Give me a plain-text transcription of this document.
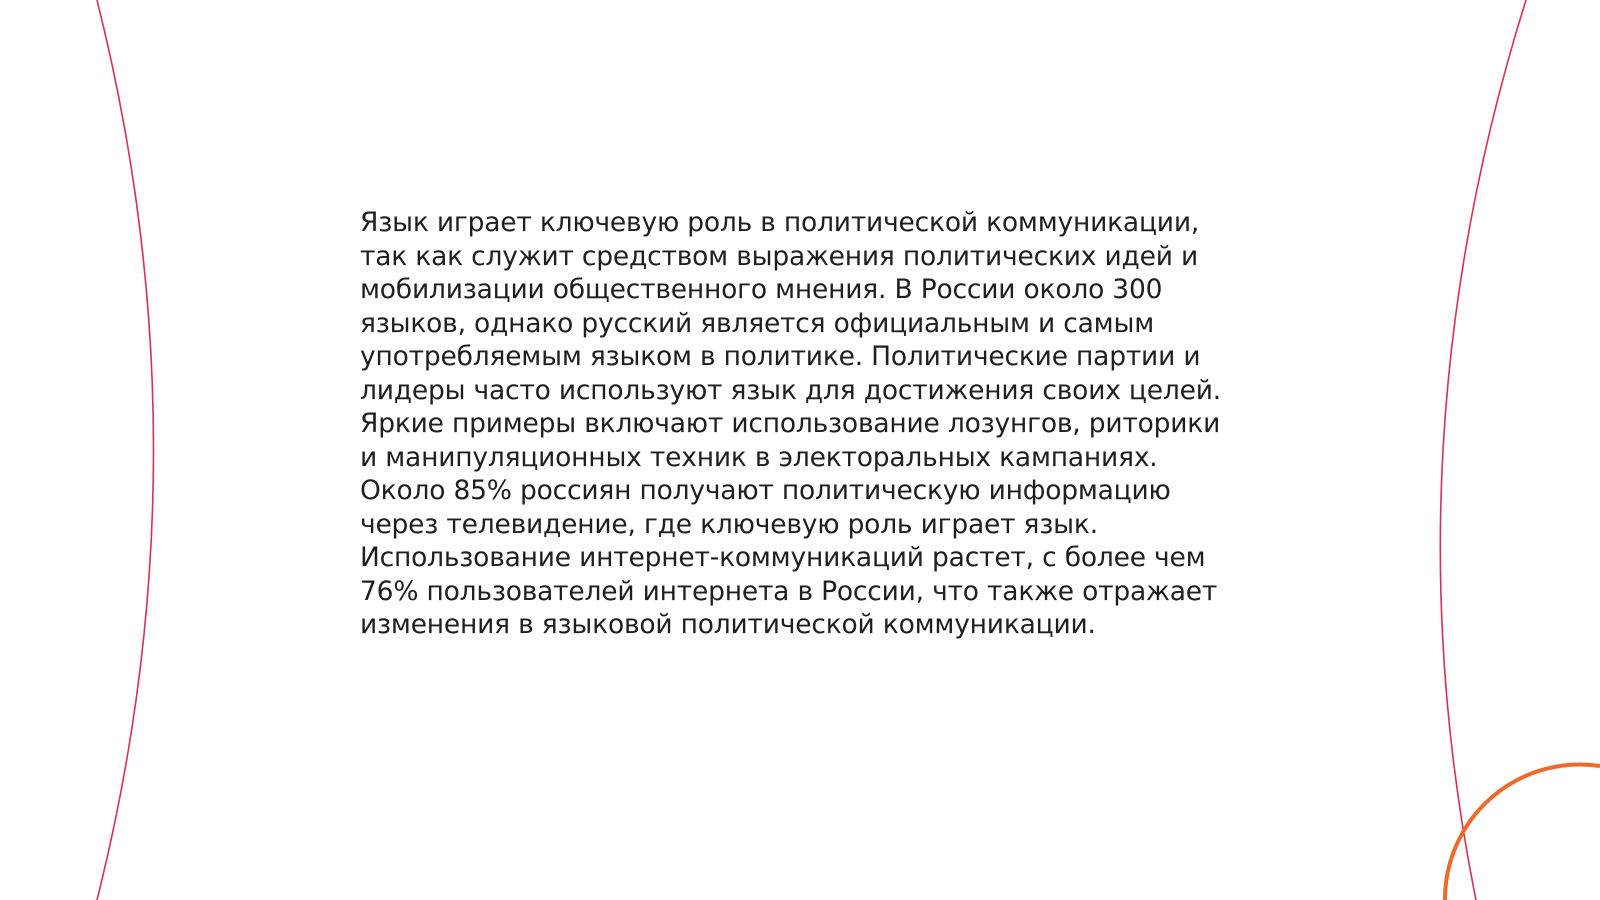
Язык играет ключевую роль в политической коммуникации,
так как служит средством выражения политических идей и
мобилизации общественного мнения. В России около 300
языков, однако русский является официальным и самым
употребляемым языком в политике. Политические партии и
лидеры часто используют язык для достижения своих целей.
Яркие примеры включают использование лозунгов, риторики
и манипуляционных техник в электоральных кампаниях.
Около 85% россиян получают политическую информацию
через телевидение, где ключевую роль играет язык.
Использование интернет-коммуникаций растет, с более чем
76% пользователей интернета в России, что также отражает
изменения в языковой политической коммуникации.
